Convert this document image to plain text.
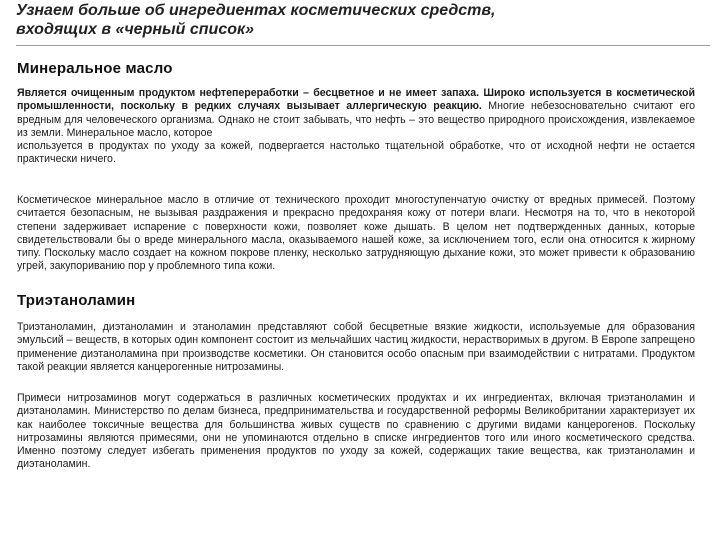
Узнаем больше об ингредиентах косметических средств,
входящих в «черный список»
Минеральное масло
Является очищенным продуктом нефтепереработки – бесцветное и не имеет запаха. Широко используется в косметической промышленности, поскольку в редких случаях вызывает аллергическую реакцию. Многие небезосновательно считают его вредным для человеческого организма. Однако не стоит забывать, что нефть – это вещество природного происхождения, извлекаемое из земли. Минеральное масло, которое
используется в продуктах по уходу за кожей, подвергается настолько тщательной обработке, что от исходной нефти не остается практически ничего.
Косметическое минеральное масло в отличие от технического проходит многоступенчатую очистку от вредных примесей. Поэтому считается безопасным, не вызывая раздражения и прекрасно предохраняя кожу от потери влаги. Несмотря на то, что в некоторой степени задерживает испарение с поверхности кожи, позволяет коже дышать. В целом нет подтвержденных данных, которые свидетельствовали бы о вреде минерального масла, оказываемого нашей коже, за исключением того, если она относится к жирному типу. Поскольку масло создает на кожном покрове пленку, несколько затрудняющую дыхание кожи, это может привести к образованию угрей, закупориванию пор у проблемного типа кожи.
Триэтаноламин
Триэтаноламин, диэтаноламин и этаноламин представляют собой бесцветные вязкие жидкости, используемые для образования эмульсий – веществ, в которых один компонент состоит из мельчайших частиц жидкости, нерастворимых в другом. В Европе запрещено применение диэтаноламина при производстве косметики. Он становится особо опасным при взаимодействии с нитратами. Продуктом такой реакции является канцерогенные нитрозамины.
Примеси нитрозаминов могут содержаться в различных косметических продуктах и их ингредиентах, включая триэтаноламин и диэтаноламин. Министерство по делам бизнеса, предпринимательства и государственной реформы Великобритании характеризует их как наиболее токсичные вещества для большинства живых существ по сравнению с другими видами канцерогенов. Поскольку нитрозамины являются примесями, они не упоминаются отдельно в списке ингредиентов того или иного косметического средства. Именно поэтому следует избегать применения продуктов по уходу за кожей, содержащих такие вещества, как триэтаноламин и диэтаноламин.
